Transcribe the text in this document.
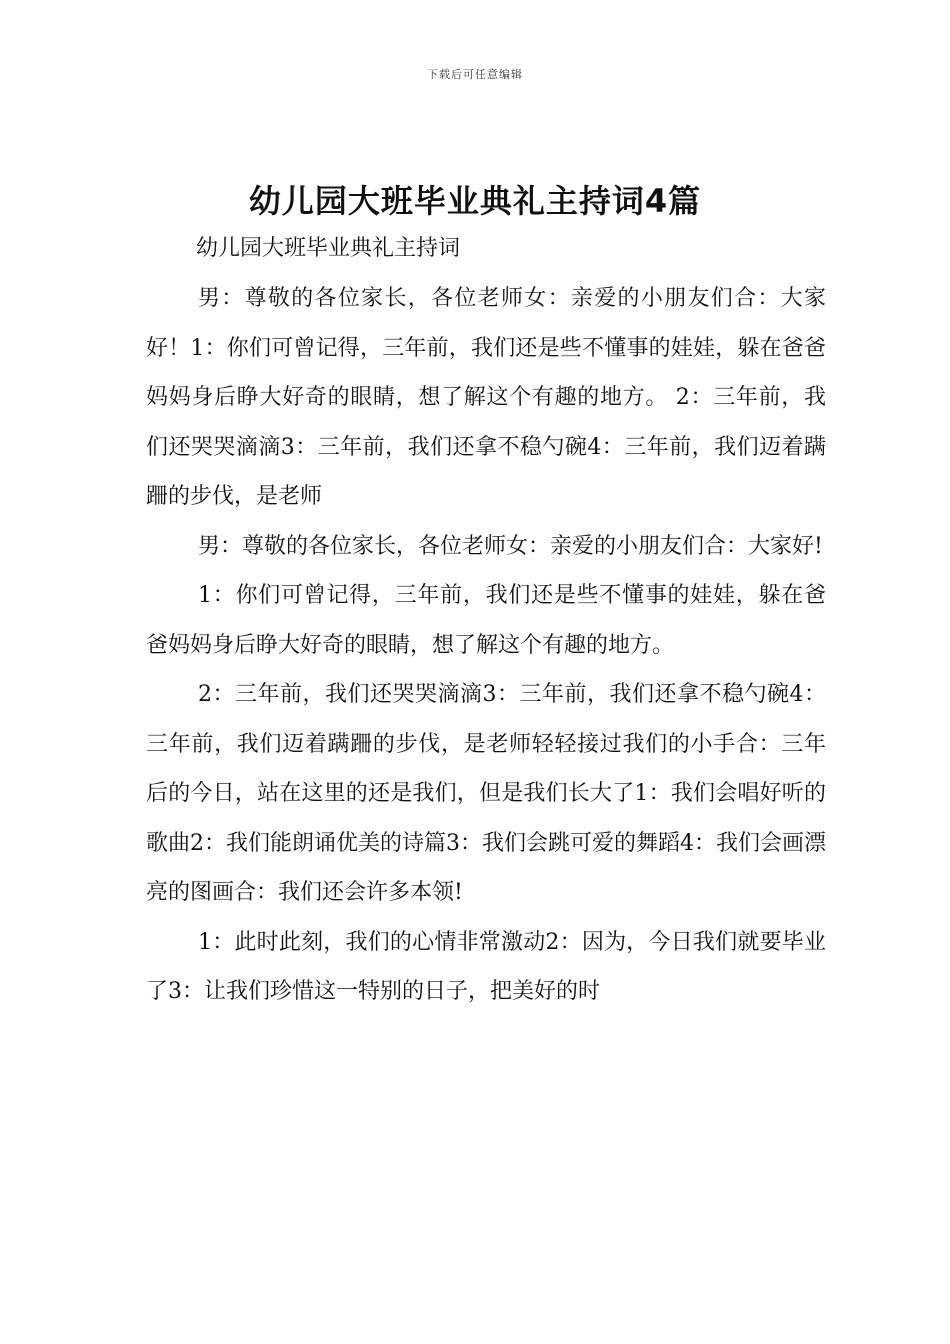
下载后可任意编辑
幼儿园大班毕业典礼主持词4篇

幼儿园大班毕业典礼主持词

男：尊敬的各位家长，各位老师女：亲爱的小朋友们合：大家好！1：你们可曾记得，三年前，我们还是些不懂事的娃娃，躲在爸爸妈妈身后睁大好奇的眼睛，想了解这个有趣的地方。 2：三年前，我们还哭哭滴滴3：三年前，我们还拿不稳勺碗4：三年前，我们迈着蹒跚的步伐，是老师

男：尊敬的各位家长，各位老师女：亲爱的小朋友们合：大家好!

1：你们可曾记得，三年前，我们还是些不懂事的娃娃，躲在爸爸妈妈身后睁大好奇的眼睛，想了解这个有趣的地方。

2：三年前，我们还哭哭滴滴3：三年前，我们还拿不稳勺碗4：三年前，我们迈着蹒跚的步伐，是老师轻轻接过我们的小手合：三年后的今日，站在这里的还是我们，但是我们长大了1：我们会唱好听的歌曲2：我们能朗诵优美的诗篇3：我们会跳可爱的舞蹈4：我们会画漂亮的图画合：我们还会许多本领!

1：此时此刻，我们的心情非常激动2：因为，今日我们就要毕业了3：让我们珍惜这一特别的日子，把美好的时
